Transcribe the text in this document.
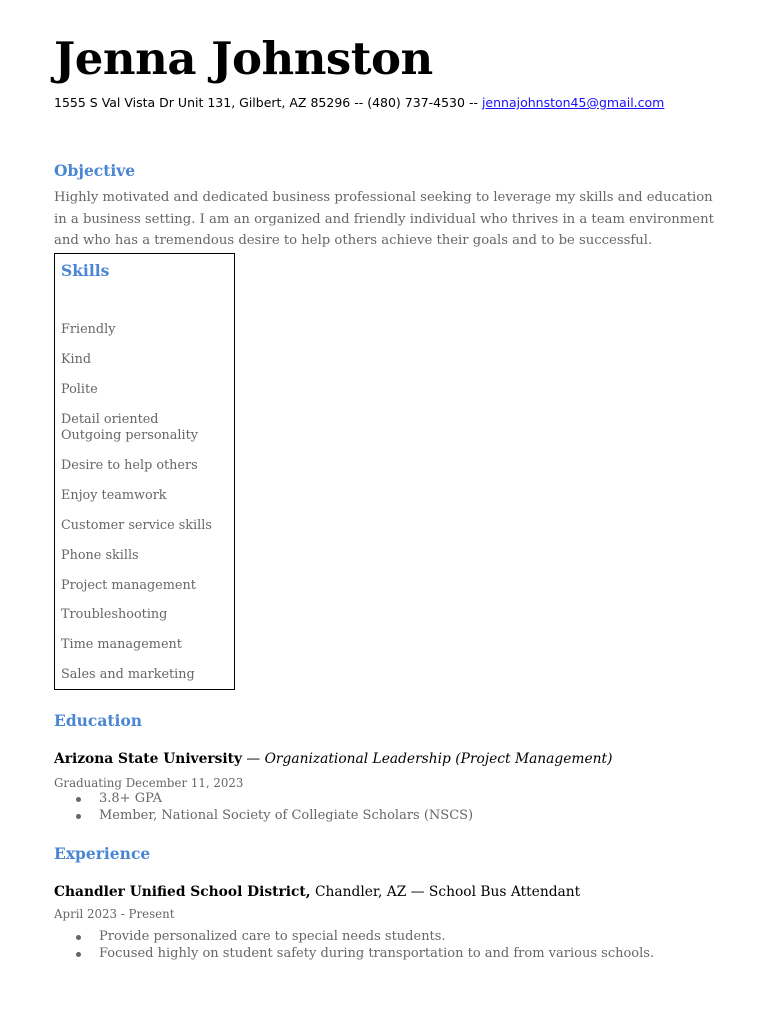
Jenna Johnston
1555 S Val Vista Dr Unit 131, Gilbert, AZ 85296 -- (480) 737-4530 -- jennajohnston45@gmail.com
Objective
Highly motivated and dedicated business professional seeking to leverage my skills and education in a business setting. I am an organized and friendly individual who thrives in a team environment and who has a tremendous desire to help others achieve their goals and to be successful.
Skills
Friendly
Kind
Polite
Detail oriented
Outgoing personality
Desire to help others
Enjoy teamwork
Customer service skills
Phone skills
Project management
Troubleshooting
Time management
Sales and marketing
Education
Arizona State University — Organizational Leadership (Project Management)
Graduating December 11, 2023
3.8+ GPA
Member, National Society of Collegiate Scholars (NSCS)
Experience
Chandler Unified School District, Chandler, AZ — School Bus Attendant
April 2023 - Present
Provide personalized care to special needs students.
Focused highly on student safety during transportation to and from various schools.
